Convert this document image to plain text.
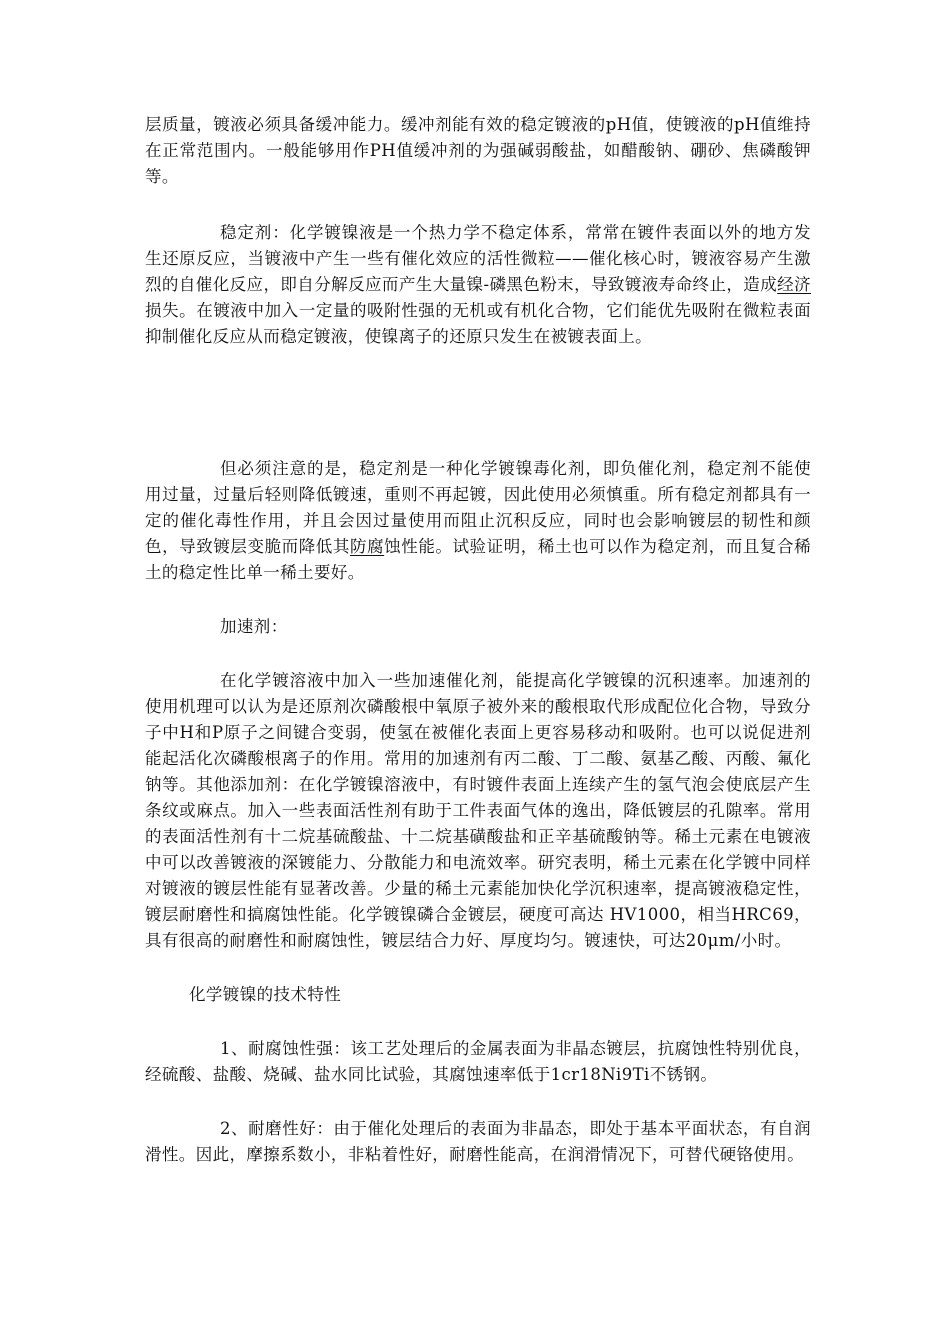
层质量，镀液必须具备缓冲能力。缓冲剂能有效的稳定镀液的pH值，使镀液的pH值维持在正常范围内。一般能够用作PH值缓冲剂的为强碱弱酸盐，如醋酸钠、硼砂、焦磷酸钾等。

稳定剂：化学镀镍液是一个热力学不稳定体系，常常在镀件表面以外的地方发生还原反应，当镀液中产生一些有催化效应的活性微粒——催化核心时，镀液容易产生激烈的自催化反应，即自分解反应而产生大量镍-磷黑色粉末，导致镀液寿命终止，造成经济损失。在镀液中加入一定量的吸附性强的无机或有机化合物，它们能优先吸附在微粒表面抑制催化反应从而稳定镀液，使镍离子的还原只发生在被镀表面上。

但必须注意的是，稳定剂是一种化学镀镍毒化剂，即负催化剂，稳定剂不能使用过量，过量后轻则降低镀速，重则不再起镀，因此使用必须慎重。所有稳定剂都具有一定的催化毒性作用，并且会因过量使用而阻止沉积反应，同时也会影响镀层的韧性和颜色，导致镀层变脆而降低其防腐蚀性能。试验证明，稀土也可以作为稳定剂，而且复合稀土的稳定性比单一稀土要好。

加速剂：

在化学镀溶液中加入一些加速催化剂，能提高化学镀镍的沉积速率。加速剂的使用机理可以认为是还原剂次磷酸根中氧原子被外来的酸根取代形成配位化合物，导致分子中H和P原子之间键合变弱，使氢在被催化表面上更容易移动和吸附。也可以说促进剂能起活化次磷酸根离子的作用。常用的加速剂有丙二酸、丁二酸、氨基乙酸、丙酸、氟化钠等。其他添加剂：在化学镀镍溶液中，有时镀件表面上连续产生的氢气泡会使底层产生条纹或麻点。加入一些表面活性剂有助于工件表面气体的逸出，降低镀层的孔隙率。常用的表面活性剂有十二烷基硫酸盐、十二烷基磺酸盐和正辛基硫酸钠等。稀土元素在电镀液中可以改善镀液的深镀能力、分散能力和电流效率。研究表明，稀土元素在化学镀中同样对镀液的镀层性能有显著改善。少量的稀土元素能加快化学沉积速率，提高镀液稳定性，镀层耐磨性和搞腐蚀性能。化学镀镍磷合金镀层，硬度可高达 HV1000，相当HRC69，具有很高的耐磨性和耐腐蚀性，镀层结合力好、厚度均匀。镀速快，可达20μm/小时。

化学镀镍的技术特性

1、耐腐蚀性强：该工艺处理后的金属表面为非晶态镀层，抗腐蚀性特别优良，经硫酸、盐酸、烧碱、盐水同比试验，其腐蚀速率低于1cr18Ni9Ti不锈钢。

2、耐磨性好：由于催化处理后的表面为非晶态，即处于基本平面状态，有自润滑性。因此，摩擦系数小，非粘着性好，耐磨性能高，在润滑情况下，可替代硬铬使用。
